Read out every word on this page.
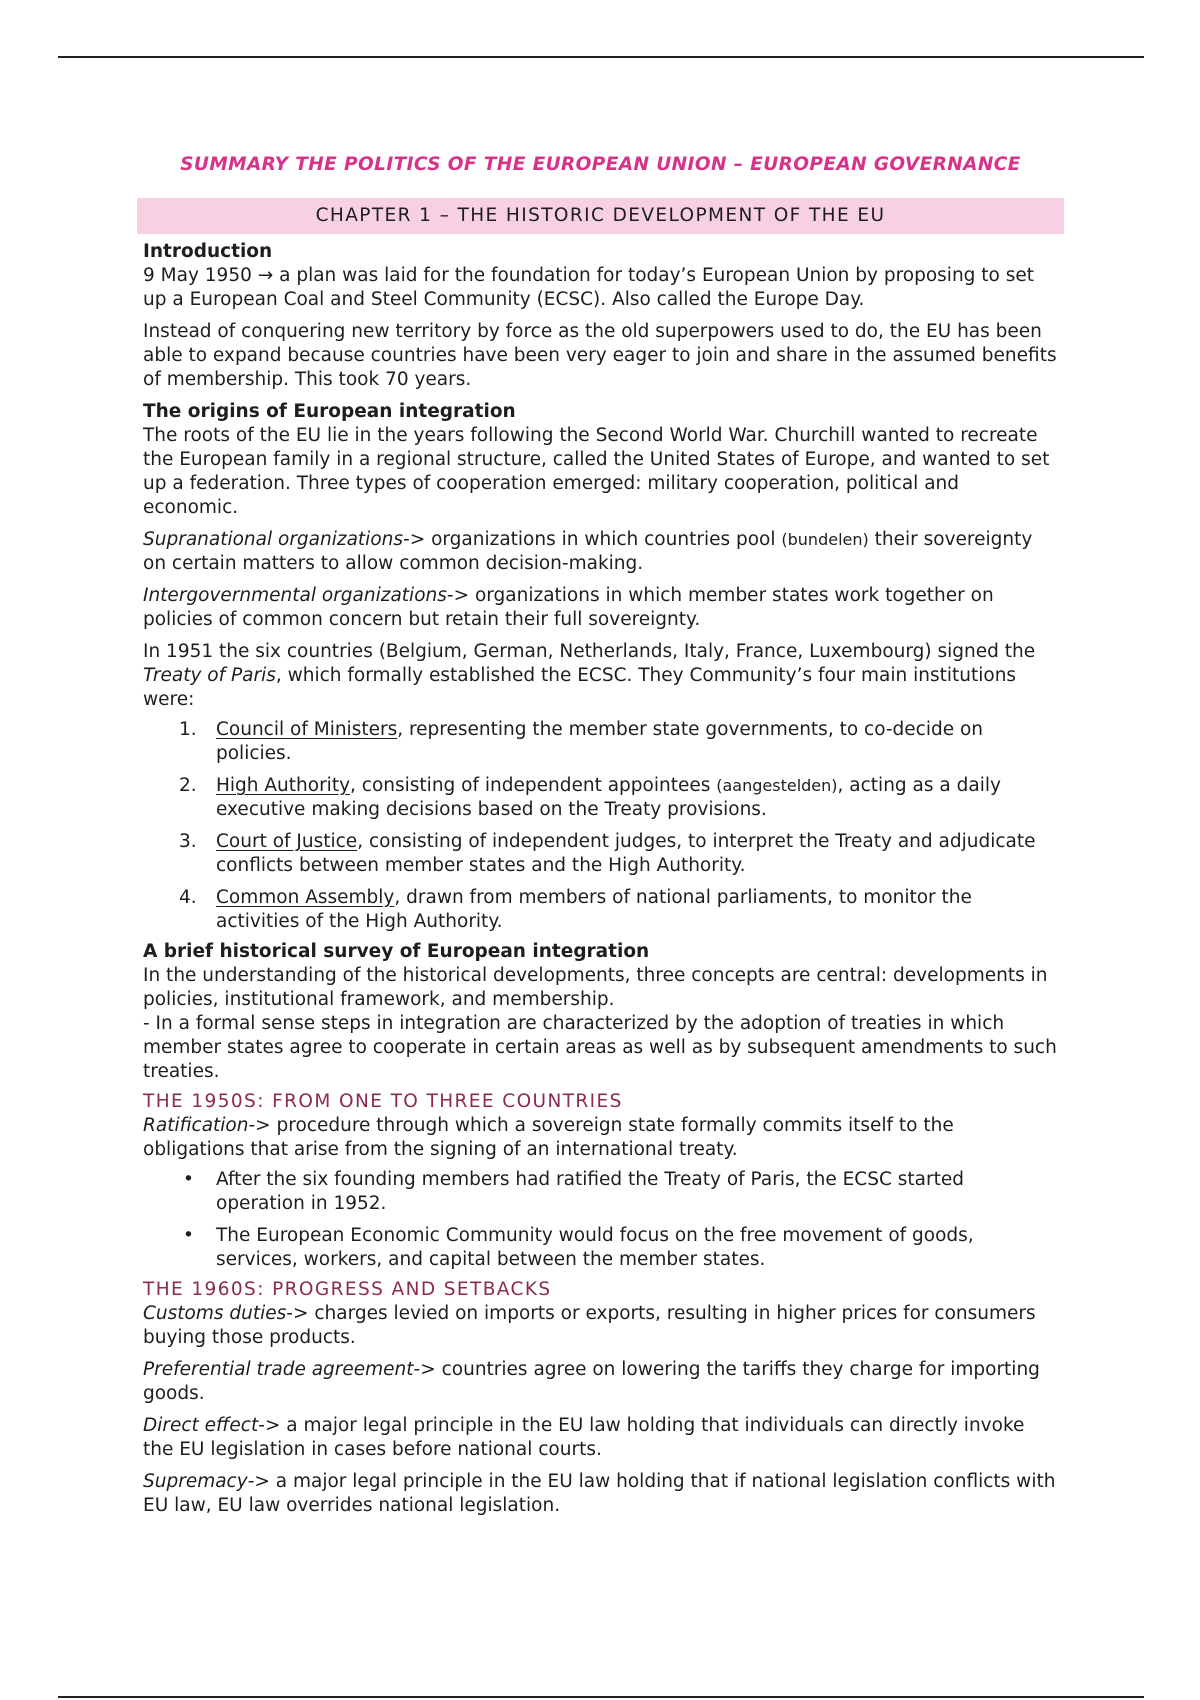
SUMMARY THE POLITICS OF THE EUROPEAN UNION – EUROPEAN GOVERNANCE
CHAPTER 1 – THE HISTORIC DEVELOPMENT OF THE EU
Introduction

9 May 1950 → a plan was laid for the foundation for today’s European Union by proposing to set up a European Coal and Steel Community (ECSC). Also called the Europe Day.

Instead of conquering new territory by force as the old superpowers used to do, the EU has been able to expand because countries have been very eager to join and share in the assumed benefits of membership. This took 70 years.

The origins of European integration

The roots of the EU lie in the years following the Second World War. Churchill wanted to recreate the European family in a regional structure, called the United States of Europe, and wanted to set up a federation. Three types of cooperation emerged: military cooperation, political and economic.

Supranational organizations-> organizations in which countries pool (bundelen) their sovereignty on certain matters to allow common decision-making.

Intergovernmental organizations-> organizations in which member states work together on policies of common concern but retain their full sovereignty.

In 1951 the six countries (Belgium, German, Netherlands, Italy, France, Luxembourg) signed the Treaty of Paris, which formally established the ECSC. They Community’s four main institutions were:

1. Council of Ministers, representing the member state governments, to co-decide on policies.
2. High Authority, consisting of independent appointees (aangestelden), acting as a daily executive making decisions based on the Treaty provisions.
3. Court of Justice, consisting of independent judges, to interpret the Treaty and adjudicate conflicts between member states and the High Authority.
4. Common Assembly, drawn from members of national parliaments, to monitor the activities of the High Authority.
A brief historical survey of European integration

In the understanding of the historical developments, three concepts are central: developments in policies, institutional framework, and membership.

- In a formal sense steps in integration are characterized by the adoption of treaties in which member states agree to cooperate in certain areas as well as by subsequent amendments to such treaties.

THE 1950S: FROM ONE TO THREE COUNTRIES

Ratification-> procedure through which a sovereign state formally commits itself to the obligations that arise from the signing of an international treaty.

• After the six founding members had ratified the Treaty of Paris, the ECSC started operation in 1952.
• The European Economic Community would focus on the free movement of goods, services, workers, and capital between the member states.
THE 1960S: PROGRESS AND SETBACKS

Customs duties-> charges levied on imports or exports, resulting in higher prices for consumers buying those products.

Preferential trade agreement-> countries agree on lowering the tariffs they charge for importing goods.

Direct effect-> a major legal principle in the EU law holding that individuals can directly invoke the EU legislation in cases before national courts.

Supremacy-> a major legal principle in the EU law holding that if national legislation conflicts with EU law, EU law overrides national legislation.
